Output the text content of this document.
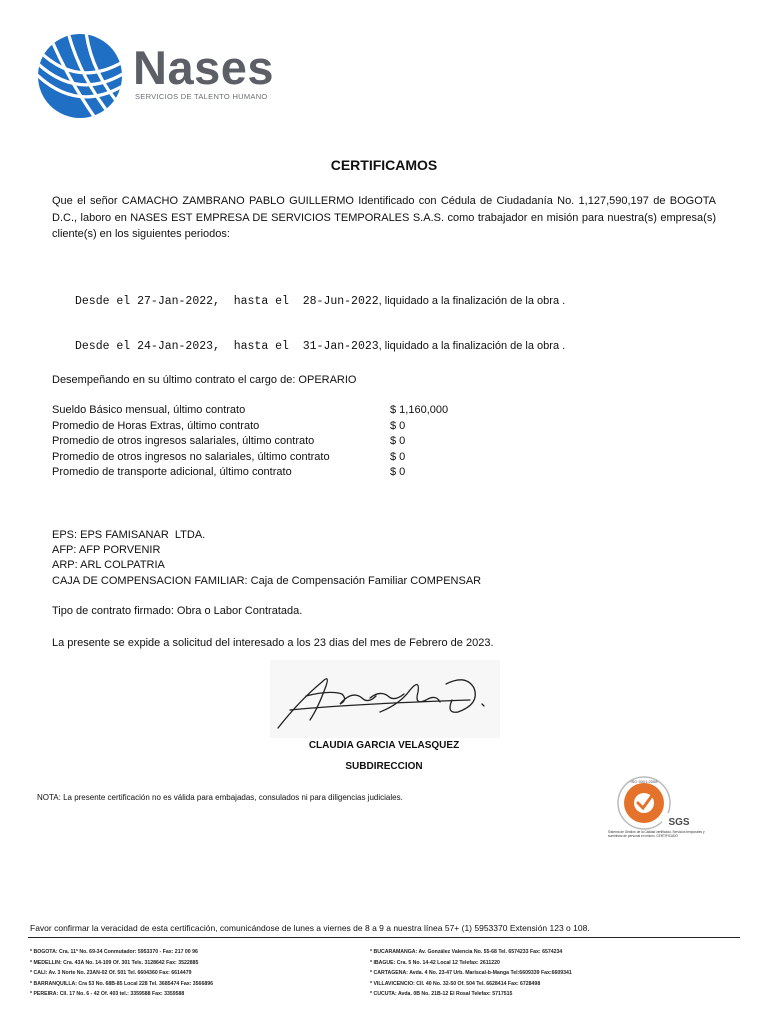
Nases
SERVICIOS DE TALENTO HUMANO
CERTIFICAMOS
Que el señor CAMACHO ZAMBRANO PABLO GUILLERMO Identificado con Cédula de Ciudadanía No. 1,127,590,197 de BOGOTA D.C., laboro en NASES EST EMPRESA DE SERVICIOS TEMPORALES S.A.S. como trabajador en misión para nuestra(s) empresa(s) cliente(s) en los siguientes periodos:

Desde el 27-Jan-2022,  hasta el  28-Jun-2022, liquidado a la finalización de la obra .

Desde el 24-Jan-2023,  hasta el  31-Jan-2023, liquidado a la finalización de la obra .

Desempeñando en su último contrato el cargo de: OPERARIO
Sueldo Básico mensual, último contrato	$ 1,160,000
Promedio de Horas Extras, último contrato	$ 0
Promedio de otros ingresos salariales, último contrato	$ 0
Promedio de otros ingresos no salariales, último contrato	$ 0
Promedio de transporte adicional, último contrato	$ 0
EPS: EPS FAMISANAR  LTDA.
AFP: AFP PORVENIR
ARP: ARL COLPATRIA
CAJA DE COMPENSACION FAMILIAR: Caja de Compensación Familiar COMPENSAR
Tipo de contrato firmado: Obra o Labor Contratada.
La presente se expide a solicitud del interesado a los 23 dias del mes de Febrero de 2023.
CLAUDIA GARCIA VELASQUEZ
SUBDIRECCION
NOTA: La presente certificación no es válida para embajadas, consulados ni para diligencias judiciales.
ISO 9001:2008
SGS
Sistema de Gestión de la Calidad certificado. Servicios temporales y suministro de personal en misión. CERTIFICADO
Favor confirmar la veracidad de esta certificación, comunicándose de lunes a viernes de 8 a 9 a nuestra línea 57+ (1) 5953370 Extensión 123 o 108.
* BOGOTA: Cra. 11ª No. 69-34 Conmutador: 5953370 - Fax: 217 00 96
* MEDELLIN: Cra. 43A No. 14-109 Of. 301 Tels. 3128642 Fax: 3522885
* CALI: Av. 3 Norte No. 23AN-02 Of. 501 Tel. 6604360 Fax: 6614479
* BARRANQUILLA: Cra 53 No. 68B-85 Local 228 Tel. 3685474 Fax: 3566896
* PEREIRA: Cll. 17 No. 6 - 42 Of. 403 tel.: 3359588 Fax: 3359588
* BUCARAMANGA: Av. González Valencia No. 55-68 Tel. 6574233 Fax: 6574234
* IBAGUE: Cra. 5 No. 14-42 Local 12 Telefax: 2611220
* CARTAGENA: Avda. 4 No. 23-47 Urb. Mariscal-b-Manga Tel:6609339 Fax:6609341
* VILLAVICENCIO: Cll. 40 No. 32-50 Of. 504 Tel. 6628414 Fax: 6728498
* CUCUTA: Avda. 0B No. 21B-12 El Rosal Telefax: 5717515
